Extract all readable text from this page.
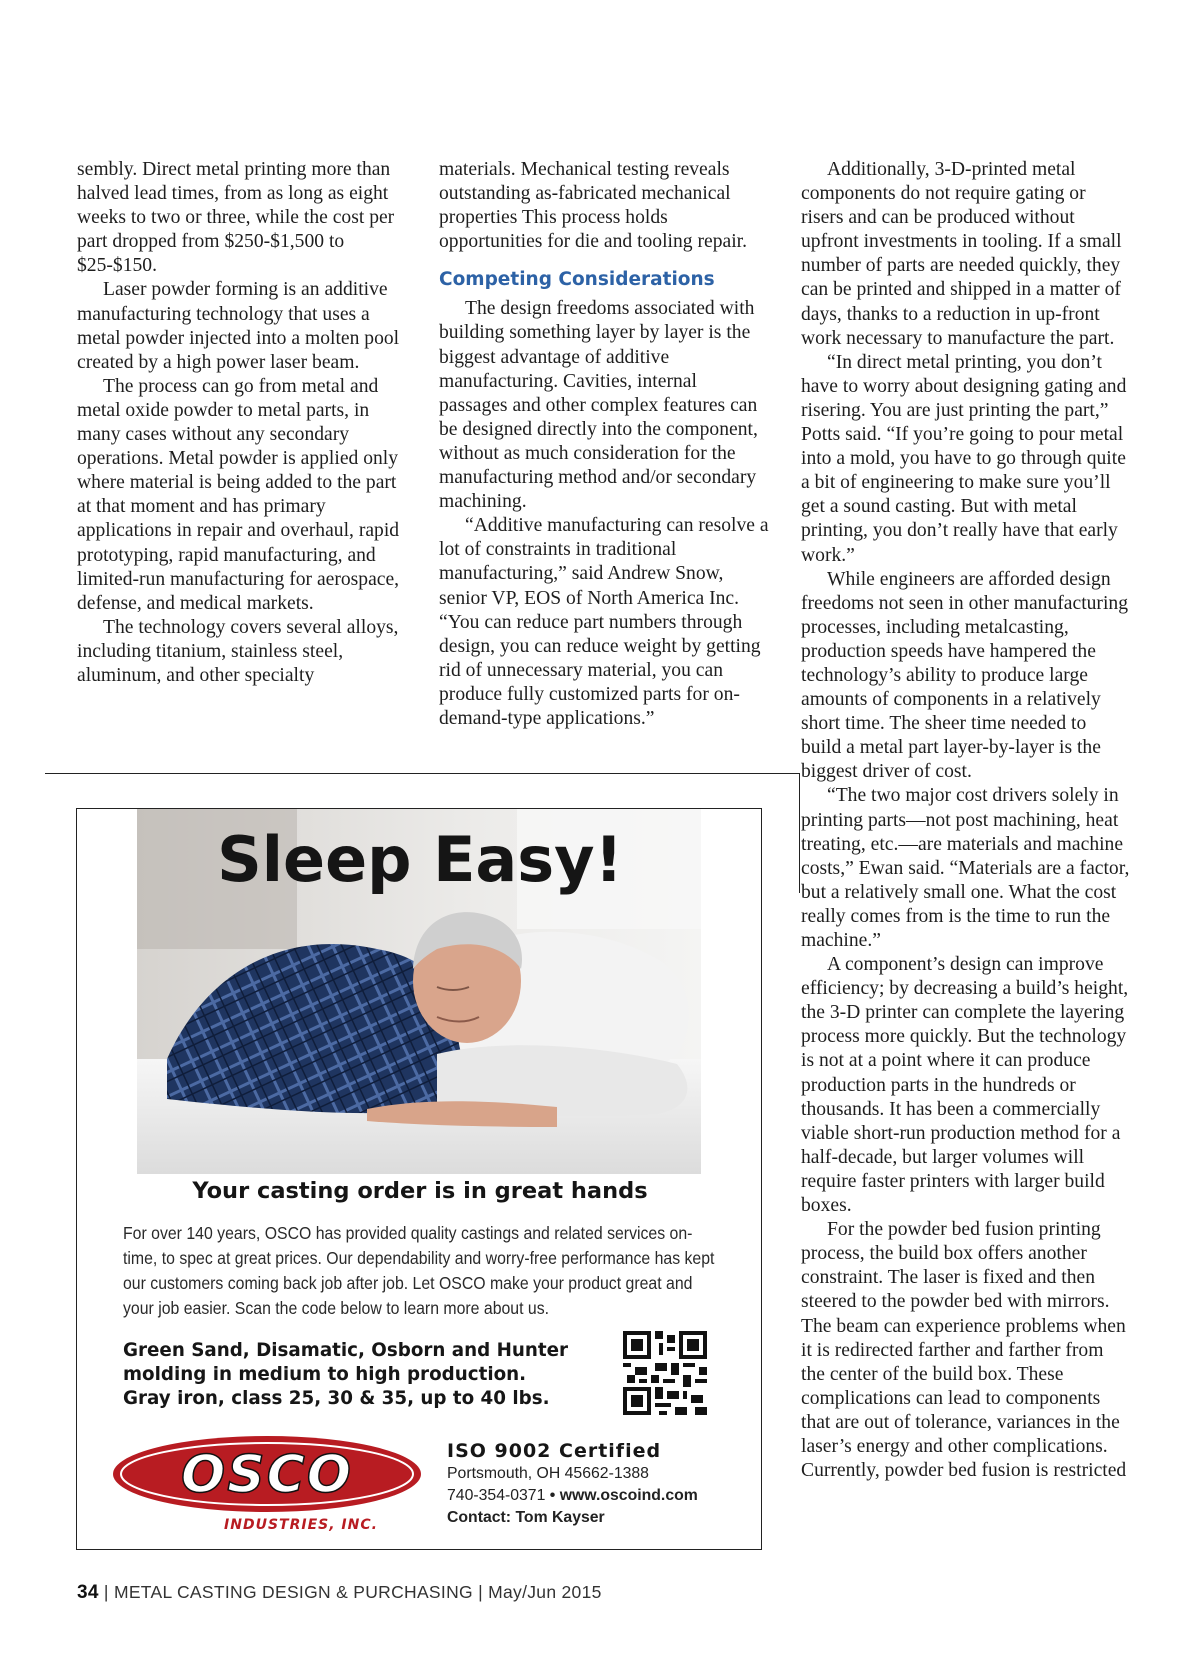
sembly. Direct metal printing more than halved lead times, from as long as eight weeks to two or three, while the cost per part dropped from $250-$1,500 to $25-$150.

Laser powder forming is an additive manufacturing technology that uses a metal powder injected into a molten pool created by a high power laser beam.

The process can go from metal and metal oxide powder to metal parts, in many cases without any secondary operations. Metal powder is applied only where material is being added to the part at that moment and has primary applications in repair and overhaul, rapid prototyping, rapid manufacturing, and limited-run manufacturing for aerospace, defense, and medical markets.

The technology covers several alloys, including titanium, stainless steel, aluminum, and other specialty

materials. Mechanical testing reveals outstanding as-fabricated mechanical properties This process holds opportunities for die and tooling repair.

Competing Considerations

The design freedoms associated with building something layer by layer is the biggest advantage of additive manufacturing. Cavities, internal passages and other complex features can be designed directly into the component, without as much consideration for the manufacturing method and/or secondary machining.

“Additive manufacturing can resolve a lot of constraints in traditional manufacturing,” said Andrew Snow, senior VP, EOS of North America Inc. “You can reduce part numbers through design, you can reduce weight by getting rid of unnecessary material, you can produce fully customized parts for on-demand-type applications.”

Additionally, 3-D-printed metal components do not require gating or risers and can be produced without upfront investments in tooling. If a small number of parts are needed quickly, they can be printed and shipped in a matter of days, thanks to a reduction in up-front work necessary to manufacture the part.

“In direct metal printing, you don’t have to worry about designing gating and risering. You are just printing the part,” Potts said. “If you’re going to pour metal into a mold, you have to go through quite a bit of engineering to make sure you’ll get a sound casting. But with metal printing, you don’t really have that early work.”

While engineers are afforded design freedoms not seen in other manufacturing processes, including metalcasting, production speeds have hampered the technology’s ability to produce large amounts of components in a relatively short time. The sheer time needed to build a metal part layer-by-layer is the biggest driver of cost.

“The two major cost drivers solely in printing parts—not post machining, heat treating, etc.—are materials and machine costs,” Ewan said. “Materials are a factor, but a relatively small one. What the cost really comes from is the time to run the machine.”

A component’s design can improve efficiency; by decreasing a build’s height, the 3-D printer can complete the layering process more quickly. But the technology is not at a point where it can produce production parts in the hundreds or thousands. It has been a commercially viable short-run production method for a half-decade, but larger volumes will require faster printers with larger build boxes.

For the powder bed fusion printing process, the build box offers another constraint. The laser is fixed and then steered to the powder bed with mirrors. The beam can experience problems when it is redirected farther and farther from the center of the build box. These complications can lead to components that are out of tolerance, variances in the laser’s energy and other complications. Currently, powder bed fusion is restricted

Sleep Easy!
Your casting order is in great hands
For over 140 years, OSCO has provided quality castings and related services on-time, to spec at great prices. Our dependability and worry-free performance has kept our customers coming back job after job. Let OSCO make your product great and your job easier. Scan the code below to learn more about us.
Green Sand, Disamatic, Osborn and Hunter
molding in medium to high production.
Gray iron, class 25, 30 & 35, up to 40 lbs.
OSCO
INDUSTRIES, INC.
ISO 9002 Certified
Portsmouth, OH 45662-1388
740-354-0371 • www.oscoind.com
Contact: Tom Kayser
34 | METAL CASTING DESIGN & PURCHASING | May/Jun 2015
